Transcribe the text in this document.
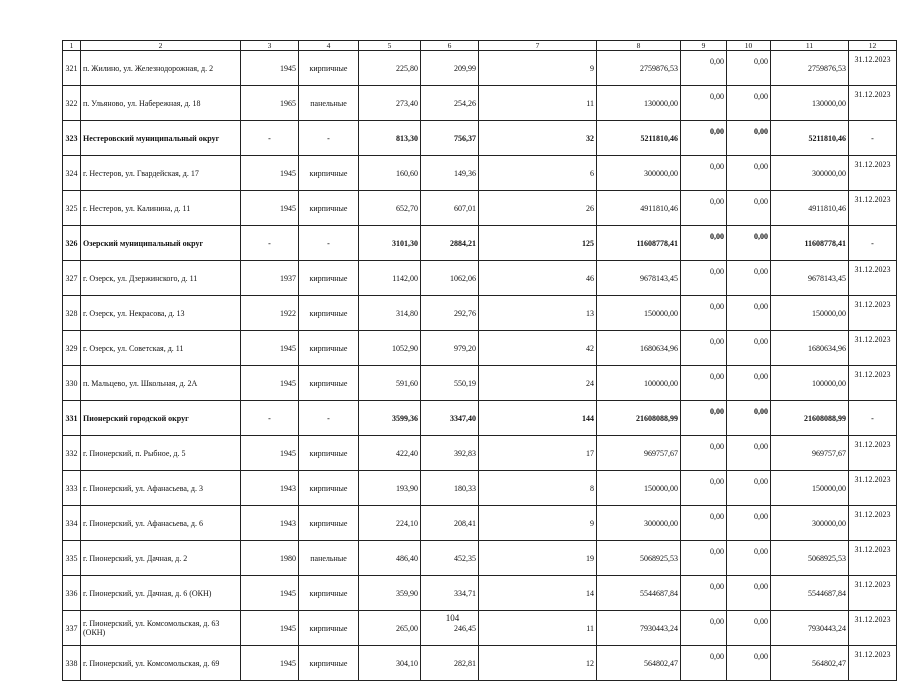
1	2	3	4	5	6	7	8	9	10	11	12
321	п. Жилино, ул. Железнодорожная, д. 2	1945	кирпичные	225,80	209,99	9	2759876,53	0,00	0,00	2759876,53	31.12.2023
322	п. Ульяново, ул. Набережная, д. 18	1965	панельные	273,40	254,26	11	130000,00	0,00	0,00	130000,00	31.12.2023
323	Нестеровский муниципальный округ	-	-	813,30	756,37	32	5211810,46	0,00	0,00	5211810,46	-
324	г. Нестеров, ул. Гвардейская, д. 17	1945	кирпичные	160,60	149,36	6	300000,00	0,00	0,00	300000,00	31.12.2023
325	г. Нестеров, ул. Калинина, д. 11	1945	кирпичные	652,70	607,01	26	4911810,46	0,00	0,00	4911810,46	31.12.2023
326	Озерский муниципальный округ	-	-	3101,30	2884,21	125	11608778,41	0,00	0,00	11608778,41	-
327	г. Озерск, ул. Дзержинского, д. 11	1937	кирпичные	1142,00	1062,06	46	9678143,45	0,00	0,00	9678143,45	31.12.2023
328	г. Озерск, ул. Некрасова, д. 13	1922	кирпичные	314,80	292,76	13	150000,00	0,00	0,00	150000,00	31.12.2023
329	г. Озерск, ул. Советская, д. 11	1945	кирпичные	1052,90	979,20	42	1680634,96	0,00	0,00	1680634,96	31.12.2023
330	п. Мальцево, ул. Школьная, д. 2А	1945	кирпичные	591,60	550,19	24	100000,00	0,00	0,00	100000,00	31.12.2023
331	Пионерский городской округ	-	-	3599,36	3347,40	144	21608088,99	0,00	0,00	21608088,99	-
332	г. Пионерский, п. Рыбное, д. 5	1945	кирпичные	422,40	392,83	17	969757,67	0,00	0,00	969757,67	31.12.2023
333	г. Пионерский, ул. Афанасьева, д. 3	1943	кирпичные	193,90	180,33	8	150000,00	0,00	0,00	150000,00	31.12.2023
334	г. Пионерский, ул. Афанасьева, д. 6	1943	кирпичные	224,10	208,41	9	300000,00	0,00	0,00	300000,00	31.12.2023
335	г. Пионерский, ул. Дачная, д. 2	1980	панельные	486,40	452,35	19	5068925,53	0,00	0,00	5068925,53	31.12.2023
336	г. Пионерский, ул. Дачная, д. 6 (ОКН)	1945	кирпичные	359,90	334,71	14	5544687,84	0,00	0,00	5544687,84	31.12.2023
337	г. Пионерский, ул. Комсомольская, д. 63 (ОКН)	1945	кирпичные	265,00	246,45	11	7930443,24	0,00	0,00	7930443,24	31.12.2023
338	г. Пионерский, ул. Комсомольская, д. 69	1945	кирпичные	304,10	282,81	12	564802,47	0,00	0,00	564802,47	31.12.2023
104
